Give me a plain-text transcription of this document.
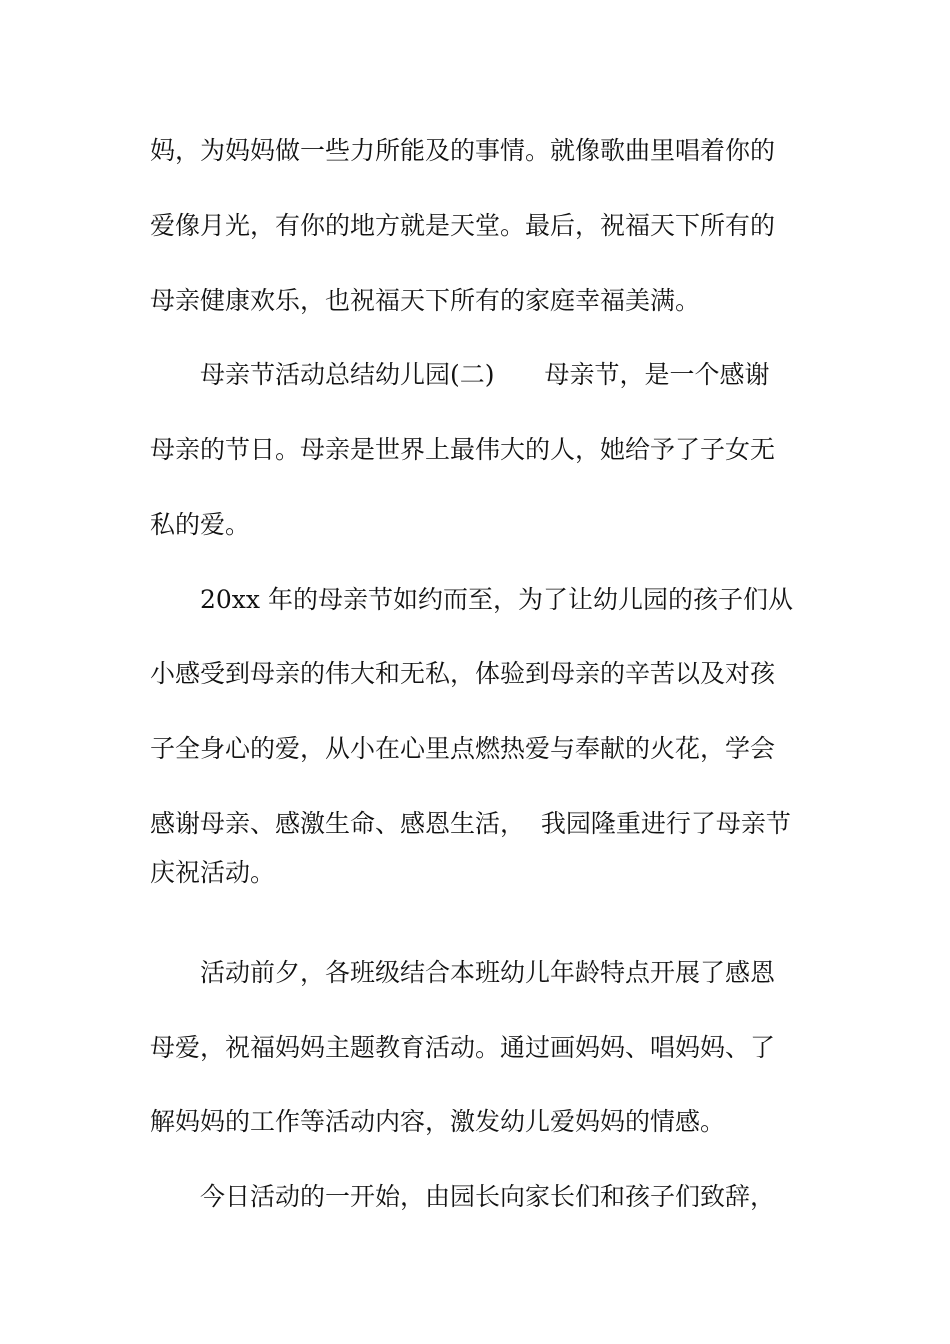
妈，为妈妈做一些力所能及的事情。就像歌曲里唱着你的
爱像月光，有你的地方就是天堂。最后，祝福天下所有的
母亲健康欢乐，也祝福天下所有的家庭幸福美满。
母亲节活动总结幼儿园(二)　　母亲节，是一个感谢
母亲的节日。母亲是世界上最伟大的人，她给予了子女无
私的爱。
20xx 年的母亲节如约而至，为了让幼儿园的孩子们从
小感受到母亲的伟大和无私，体验到母亲的辛苦以及对孩
子全身心的爱，从小在心里点燃热爱与奉献的火花，学会
感谢母亲、感激生命、感恩生活，  我园隆重进行了母亲节
庆祝活动。
活动前夕，各班级结合本班幼儿年龄特点开展了感恩
母爱，祝福妈妈主题教育活动。通过画妈妈、唱妈妈、了
解妈妈的工作等活动内容，激发幼儿爱妈妈的情感。
今日活动的一开始，由园长向家长们和孩子们致辞，
